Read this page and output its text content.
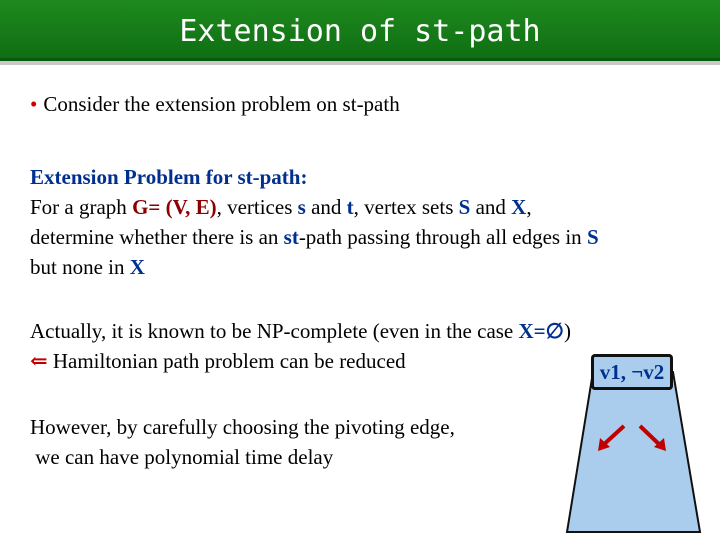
Extension of st-path
• Consider the extension problem on st-path
Extension Problem for st-path:
For a graph G= (V, E), vertices s and t, vertex sets S and X,
determine whether there is an st-path passing through all edges in S
but none in X
v1, ¬v2
Actually, it is known to be NP-complete (even in the case X=∅)
⇐ Hamiltonian path problem can be reduced
However, by carefully choosing the pivoting edge,
we can have polynomial time delay
